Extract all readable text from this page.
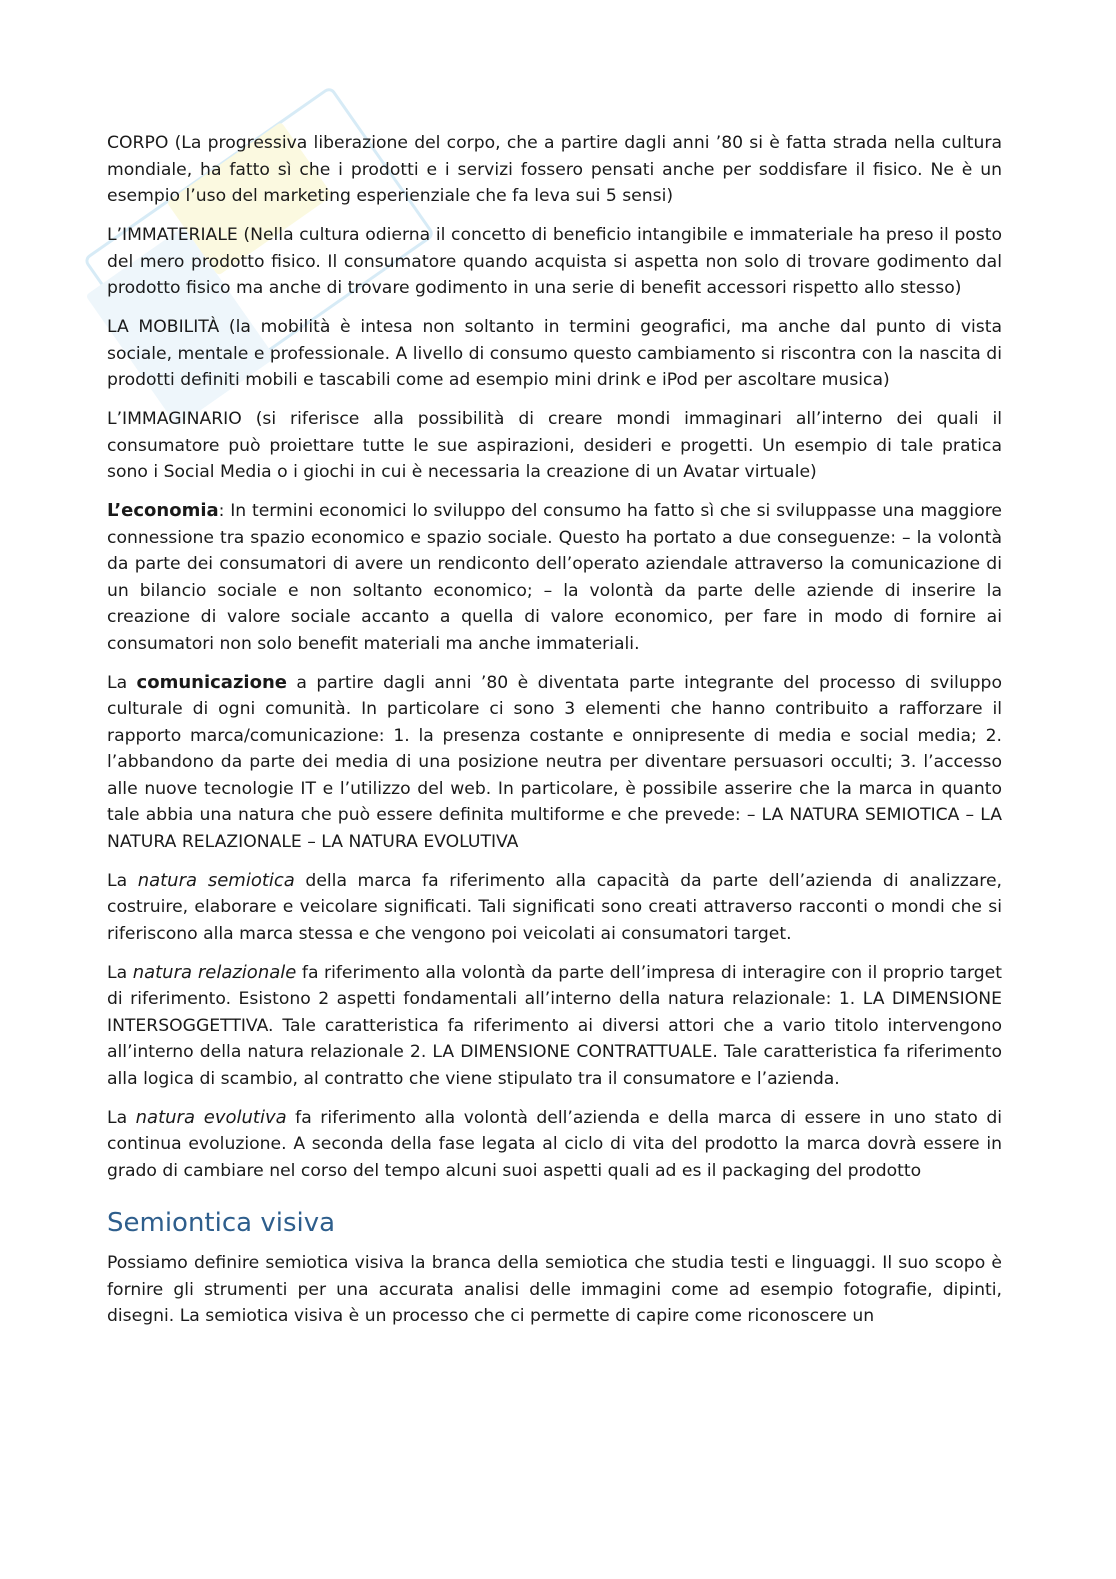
CORPO (La progressiva liberazione del corpo, che a partire dagli anni ’80 si è fatta strada nella cultura mondiale, ha fatto sì che i prodotti e i servizi fossero pensati anche per soddisfare il fisico. Ne è un esempio l’uso del marketing esperienziale che fa leva sui 5 sensi)

L’IMMATERIALE (Nella cultura odierna il concetto di beneficio intangibile e immateriale ha preso il posto del mero prodotto fisico. Il consumatore quando acquista si aspetta non solo di trovare godimento dal prodotto fisico ma anche di trovare godimento in una serie di benefit accessori rispetto allo stesso)

LA MOBILITÀ (la mobilità è intesa non soltanto in termini geografici, ma anche dal punto di vista sociale, mentale e professionale. A livello di consumo questo cambiamento si riscontra con la nascita di prodotti definiti mobili e tascabili come ad esempio mini drink e iPod per ascoltare musica)

L’IMMAGINARIO (si riferisce alla possibilità di creare mondi immaginari all’interno dei quali il consumatore può proiettare tutte le sue aspirazioni, desideri e progetti. Un esempio di tale pratica sono i Social Media o i giochi in cui è necessaria la creazione di un Avatar virtuale)

L’economia: In termini economici lo sviluppo del consumo ha fatto sì che si sviluppasse una maggiore connessione tra spazio economico e spazio sociale. Questo ha portato a due conseguenze: – la volontà da parte dei consumatori di avere un rendiconto dell’operato aziendale attraverso la comunicazione di un bilancio sociale e non soltanto economico; – la volontà da parte delle aziende di inserire la creazione di valore sociale accanto a quella di valore economico, per fare in modo di fornire ai consumatori non solo benefit materiali ma anche immateriali.

La comunicazione a partire dagli anni ’80 è diventata parte integrante del processo di sviluppo culturale di ogni comunità. In particolare ci sono 3 elementi che hanno contribuito a rafforzare il rapporto marca/comunicazione: 1. la presenza costante e onnipresente di media e social media; 2. l’abbandono da parte dei media di una posizione neutra per diventare persuasori occulti; 3. l’accesso alle nuove tecnologie IT e l’utilizzo del web. In particolare, è possibile asserire che la marca in quanto tale abbia una natura che può essere definita multiforme e che prevede: – LA NATURA SEMIOTICA – LA NATURA RELAZIONALE – LA NATURA EVOLUTIVA

La natura semiotica della marca fa riferimento alla capacità da parte dell’azienda di analizzare, costruire, elaborare e veicolare significati. Tali significati sono creati attraverso racconti o mondi che si riferiscono alla marca stessa e che vengono poi veicolati ai consumatori target.

La natura relazionale fa riferimento alla volontà da parte dell’impresa di interagire con il proprio target di riferimento. Esistono 2 aspetti fondamentali all’interno della natura relazionale: 1. LA DIMENSIONE INTERSOGGETTIVA. Tale caratteristica fa riferimento ai diversi attori che a vario titolo intervengono all’interno della natura relazionale 2. LA DIMENSIONE CONTRATTUALE. Tale caratteristica fa riferimento alla logica di scambio, al contratto che viene stipulato tra il consumatore e l’azienda.

La natura evolutiva fa riferimento alla volontà dell’azienda e della marca di essere in uno stato di continua evoluzione. A seconda della fase legata al ciclo di vita del prodotto la marca dovrà essere in grado di cambiare nel corso del tempo alcuni suoi aspetti quali ad es il packaging del prodotto

Semiontica visiva

Possiamo definire semiotica visiva la branca della semiotica che studia testi e linguaggi. Il suo scopo è fornire gli strumenti per una accurata analisi delle immagini come ad esempio fotografie, dipinti, disegni. La semiotica visiva è un processo che ci permette di capire come riconoscere un
